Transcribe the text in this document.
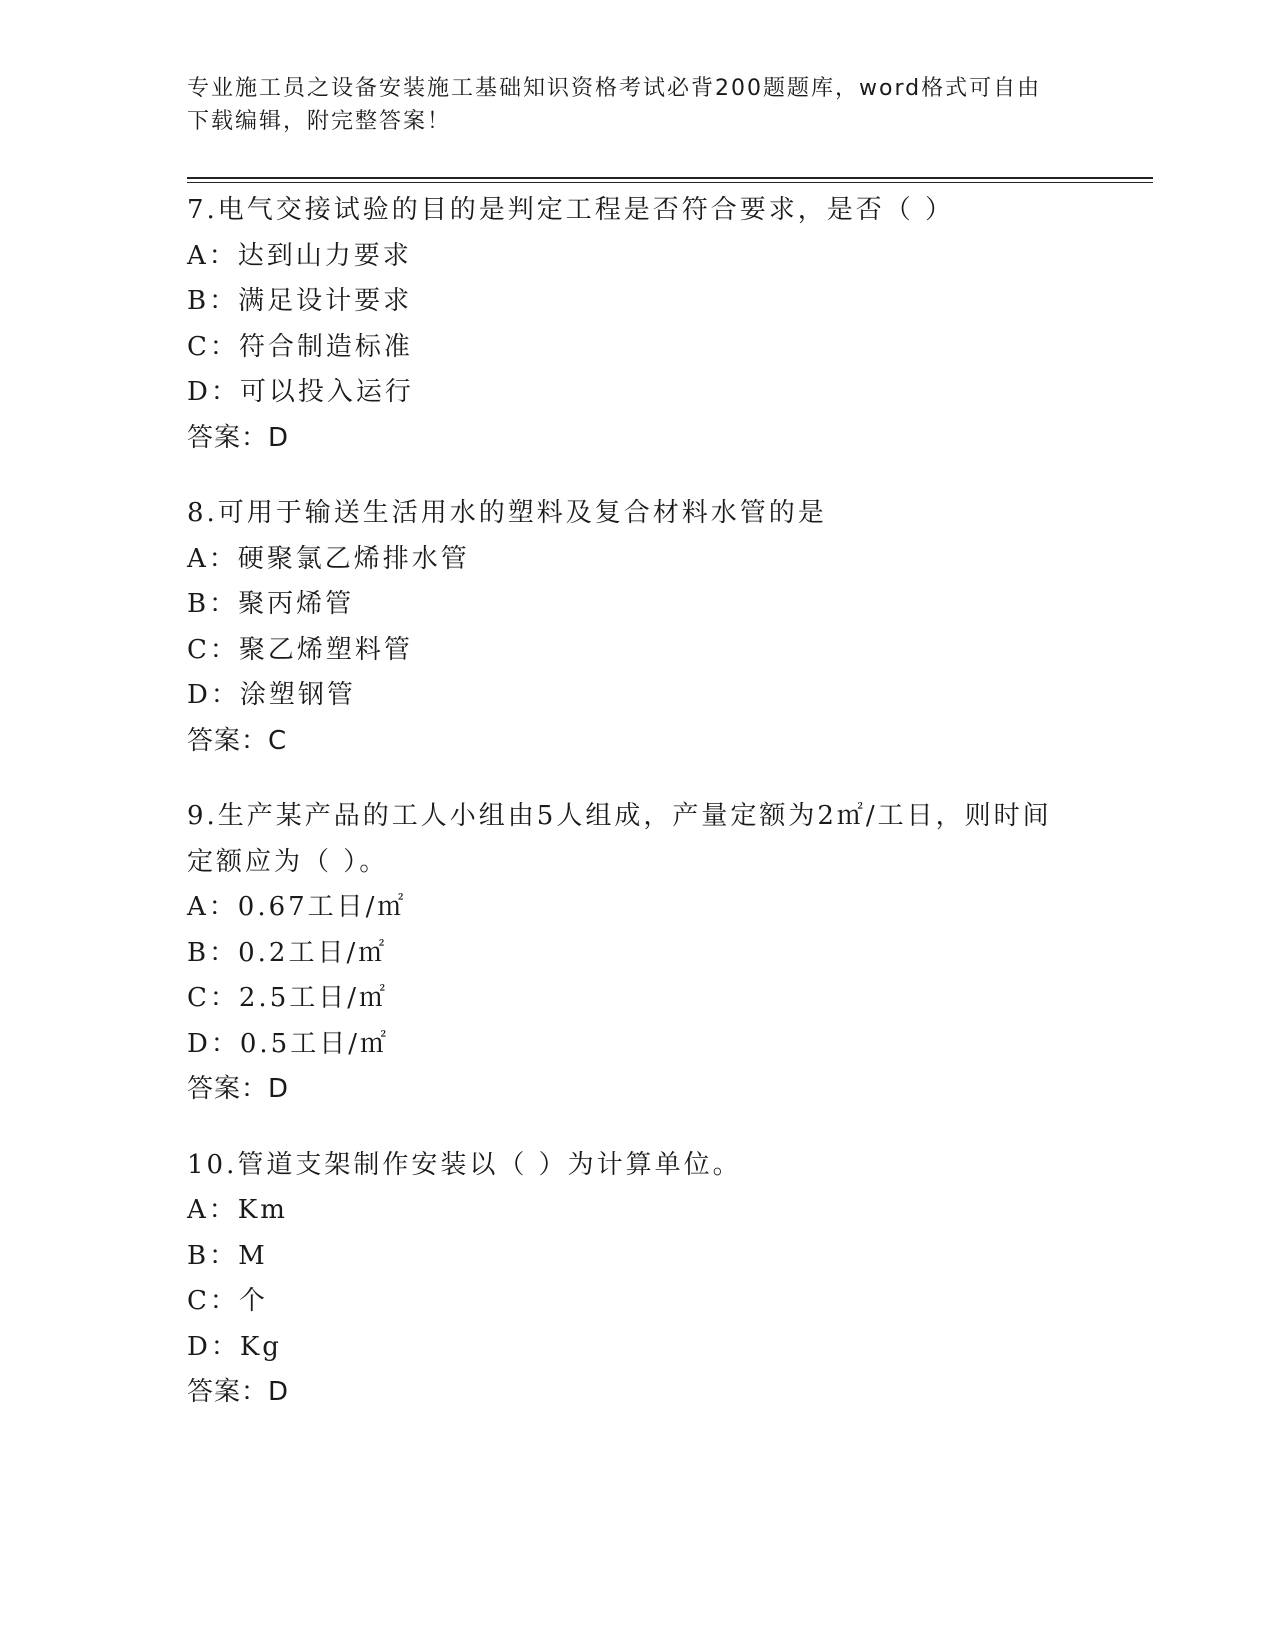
专业施工员之设备安装施工基础知识资格考试必背200题题库，word格式可自由
下载编辑，附完整答案！
7.电气交接试验的目的是判定工程是否符合要求，是否（ ）
A：达到山力要求
B：满足设计要求
C：符合制造标准
D：可以投入运行
答案：D
8.可用于输送生活用水的塑料及复合材料水管的是
A：硬聚氯乙烯排水管
B：聚丙烯管
C：聚乙烯塑料管
D：涂塑钢管
答案：C
9.生产某产品的工人小组由5人组成，产量定额为2㎡/工日，则时间
定额应为（ ）。
A：0.67工日/㎡
B：0.2工日/㎡
C：2.5工日/㎡
D：0.5工日/㎡
答案：D
10.管道支架制作安装以（ ）为计算单位。
A：Km
B：M
C：个
D：Kg
答案：D
